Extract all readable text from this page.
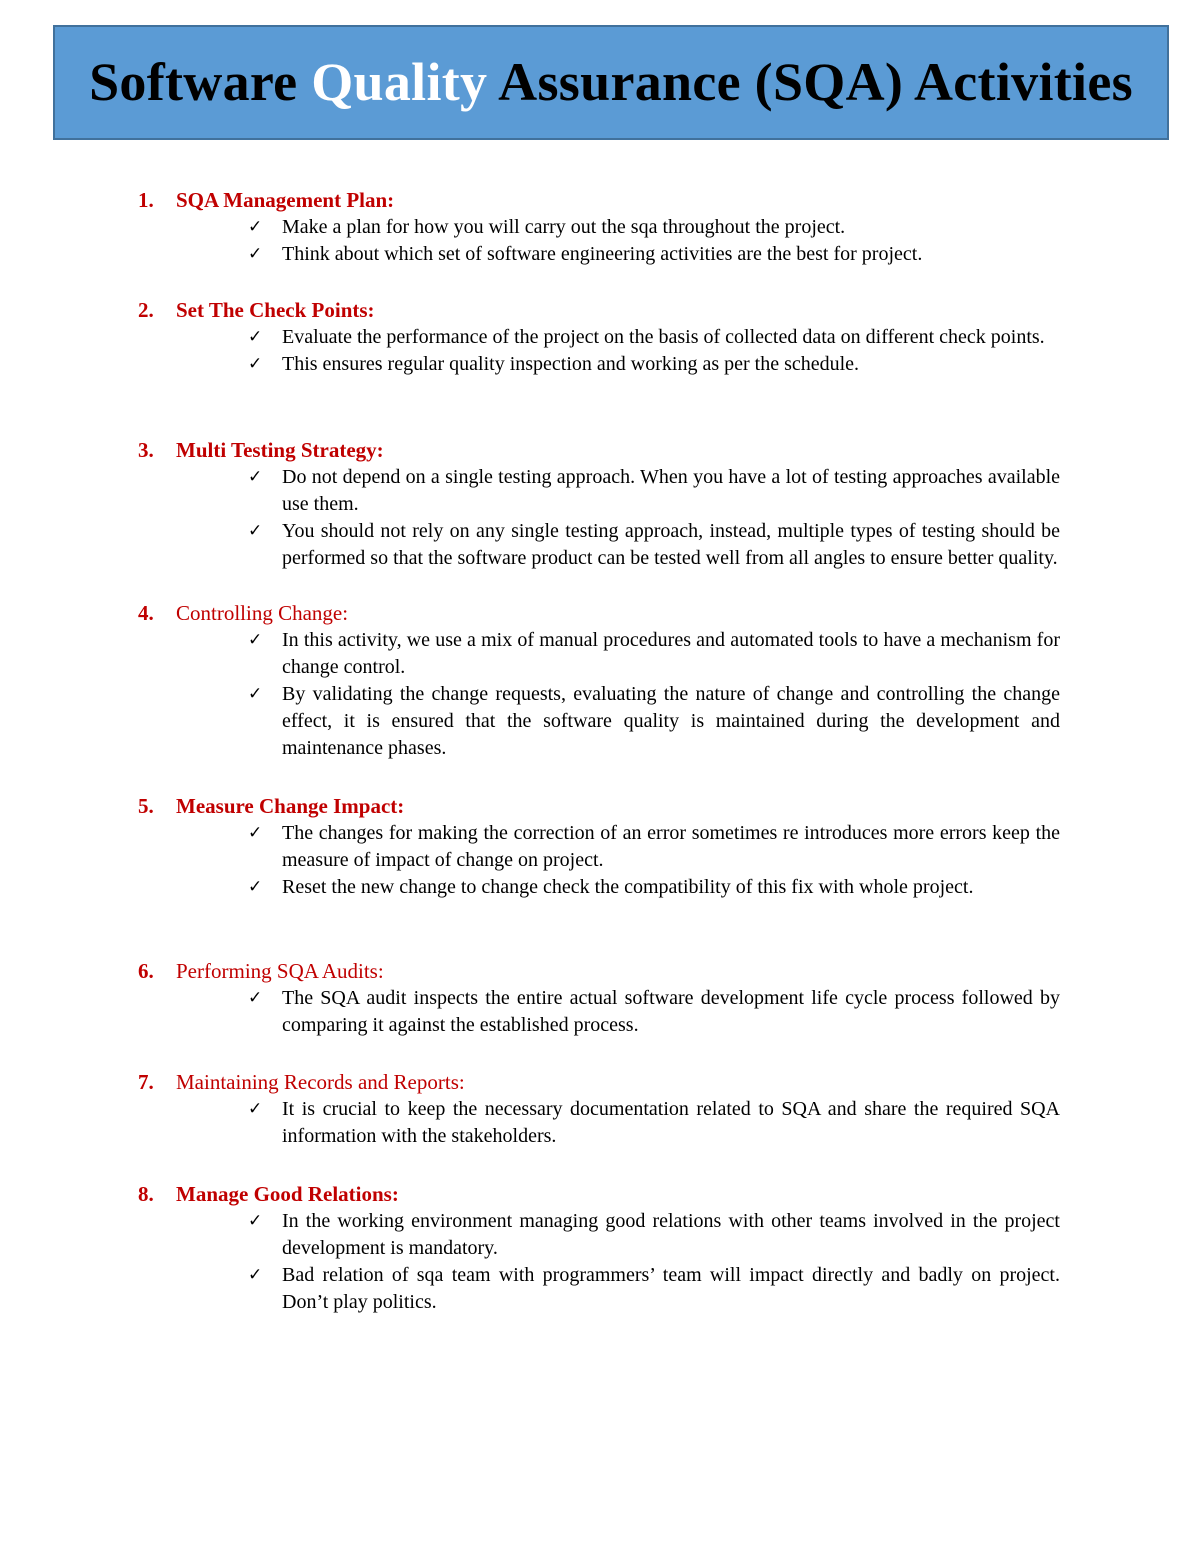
Software Quality Assurance (SQA) Activities
1. SQA Management Plan:
✓ Make a plan for how you will carry out the sqa throughout the project.
✓ Think about which set of software engineering activities are the best for project.
2. Set The Check Points:
✓ Evaluate the performance of the project on the basis of collected data on different check points.
✓ This ensures regular quality inspection and working as per the schedule.
3. Multi Testing Strategy:
✓ Do not depend on a single testing approach. When you have a lot of testing approaches available use them.
✓ You should not rely on any single testing approach, instead, multiple types of testing should be performed so that the software product can be tested well from all angles to ensure better quality.
4. Controlling Change:
✓ In this activity, we use a mix of manual procedures and automated tools to have a mechanism for change control.
✓ By validating the change requests, evaluating the nature of change and controlling the change effect, it is ensured that the software quality is maintained during the development and maintenance phases.
5. Measure Change Impact:
✓ The changes for making the correction of an error sometimes re introduces more errors keep the measure of impact of change on project.
✓ Reset the new change to change check the compatibility of this fix with whole project.
6. Performing SQA Audits:
✓ The SQA audit inspects the entire actual software development life cycle process followed by comparing it against the established process.
7. Maintaining Records and Reports:
✓ It is crucial to keep the necessary documentation related to SQA and share the required SQA information with the stakeholders.
8. Manage Good Relations:
✓ In the working environment managing good relations with other teams involved in the project development is mandatory.
✓ Bad relation of sqa team with programmers’ team will impact directly and badly on project. Don’t play politics.
